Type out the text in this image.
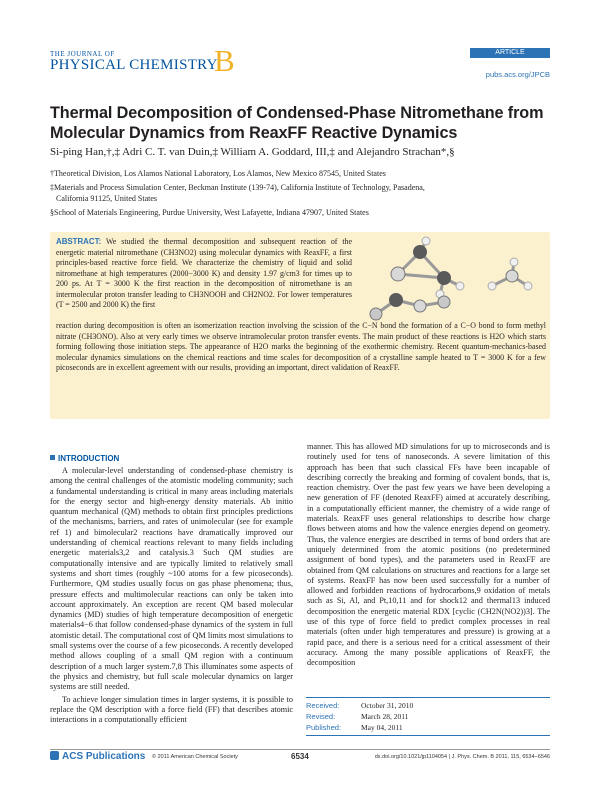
THE JOURNAL OF
PHYSICAL CHEMISTRY
B	ARTICLE
pubs.acs.org/JPCB
Thermal Decomposition of Condensed-Phase Nitromethane from Molecular Dynamics from ReaxFF Reactive Dynamics
Si-ping Han,†,‡ Adri C. T. van Duin,‡ William A. Goddard, III,‡ and Alejandro Strachan*,§
†Theoretical Division, Los Alamos National Laboratory, Los Alamos, New Mexico 87545, United States
‡Materials and Process Simulation Center, Beckman Institute (139-74), California Institute of Technology, Pasadena,
California 91125, United States
§School of Materials Engineering, Purdue University, West Lafayette, Indiana 47907, United States
ABSTRACT: We studied the thermal decomposition and subsequent reaction of the energetic material nitromethane (CH3NO2) using molecular dynamics with ReaxFF, a first principles-based reactive force field. We characterize the chemistry of liquid and solid nitromethane at high temperatures (2000−3000 K) and density 1.97 g/cm3 for times up to 200 ps. At T = 3000 K the first reaction in the decomposition of nitromethane is an intermolecular proton transfer leading to CH3NOOH and CH2NO2. For lower temperatures (T = 2500 and 2000 K) the first
reaction during decomposition is often an isomerization reaction involving the scission of the C−N bond the formation of a C−O bond to form methyl nitrate (CH3ONO). Also at very early times we observe intramolecular proton transfer events. The main product of these reactions is H2O which starts forming following those initiation steps. The appearance of H2O marks the beginning of the exothermic chemistry. Recent quantum-mechanics-based molecular dynamics simulations on the chemical reactions and time scales for decomposition of a crystalline sample heated to T = 3000 K for a few picoseconds are in excellent agreement with our results, providing an important, direct validation of ReaxFF.
INTRODUCTION

A molecular-level understanding of condensed-phase chemistry is among the central challenges of the atomistic modeling community; such a fundamental understanding is critical in many areas including materials for the energy sector and high-energy density materials. Ab initio quantum mechanical (QM) methods to obtain first principles predictions of the mechanisms, barriers, and rates of unimolecular (see for example ref 1) and bimolecular2 reactions have dramatically improved our understanding of chemical reactions relevant to many fields including energetic materials3,2 and catalysis.3 Such QM studies are computationally intensive and are typically limited to relatively small systems and short times (roughly ~100 atoms for a few picoseconds). Furthermore, QM studies usually focus on gas phase phenomena; thus, pressure effects and multimolecular reactions can only be taken into account approximately. An exception are recent QM based molecular dynamics (MD) studies of high temperature decomposition of energetic materials4−6 that follow condensed-phase dynamics of the system in full atomistic detail. The computational cost of QM limits most simulations to small systems over the course of a few picoseconds. A recently developed method allows coupling of a small QM region with a continuum description of a much larger system.7,8 This illuminates some aspects of the physics and chemistry, but full scale molecular dynamics on larger systems are still needed.

To achieve longer simulation times in larger systems, it is possible to replace the QM description with a force field (FF) that describes atomic interactions in a computationally efficient

manner. This has allowed MD simulations for up to microseconds and is routinely used for tens of nanoseconds. A severe limitation of this approach has been that such classical FFs have been incapable of describing correctly the breaking and forming of covalent bonds, that is, reaction chemistry. Over the past few years we have been developing a new generation of FF (denoted ReaxFF) aimed at accurately describing, in a computationally efficient manner, the chemistry of a wide range of materials. ReaxFF uses general relationships to describe how charge flows between atoms and how the valence energies depend on geometry. Thus, the valence energies are described in terms of bond orders that are uniquely determined from the atomic positions (no predetermined assignment of bond types), and the parameters used in ReaxFF are obtained from QM calculations on structures and reactions for a large set of systems. ReaxFF has now been used successfully for a number of allowed and forbidden reactions of hydrocarbons,9 oxidation of metals such as Si, Al, and Pt,10,11 and for shock12 and thermal13 induced decomposition the energetic material RDX [cyclic (CH2N(NO2))3]. The use of this type of force field to predict complex processes in real materials (often under high temperatures and pressure) is growing at a rapid pace, and there is a serious need for a critical assessment of their accuracy. Among the many possible applications of ReaxFF, the decomposition

Received:	October 31, 2010
Revised:	March 28, 2011
Published:	May 04, 2011
ACS Publications © 2011 American Chemical Society	6534	dx.doi.org/10.1021/jp1104054 | J. Phys. Chem. B 2011, 115, 6534−6546
